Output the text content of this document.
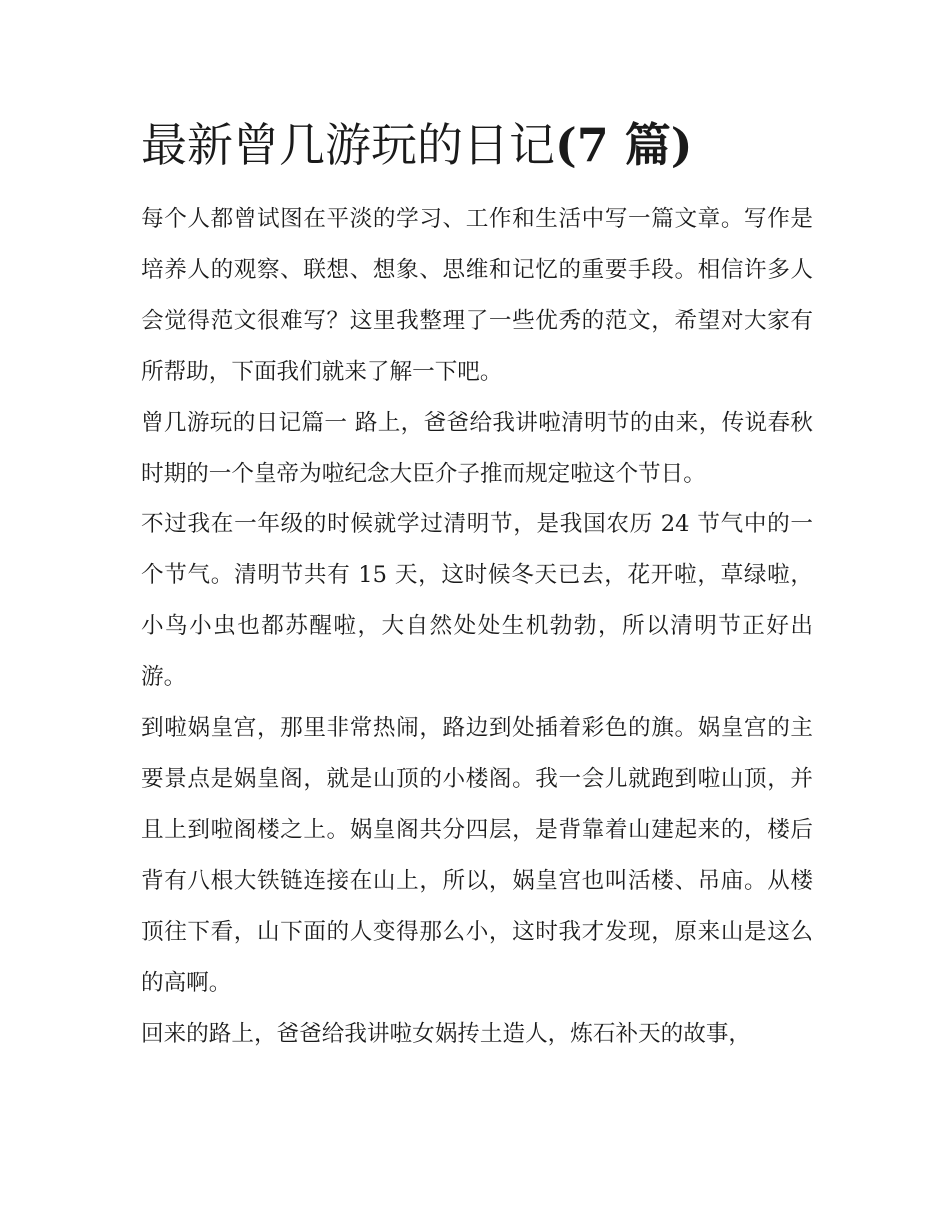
最新曾几游玩的日记(7 篇)

每个人都曾试图在平淡的学习、工作和生活中写一篇文章。写作是培养人的观察、联想、想象、思维和记忆的重要手段。相信许多人会觉得范文很难写？这里我整理了一些优秀的范文，希望对大家有所帮助，下面我们就来了解一下吧。

曾几游玩的日记篇一 路上，爸爸给我讲啦清明节的由来，传说春秋时期的一个皇帝为啦纪念大臣介子推而规定啦这个节日。

不过我在一年级的时候就学过清明节，是我国农历 24 节气中的一个节气。清明节共有 15 天，这时候冬天已去，花开啦，草绿啦，小鸟小虫也都苏醒啦，大自然处处生机勃勃，所以清明节正好出游。

到啦娲皇宫，那里非常热闹，路边到处插着彩色的旗。娲皇宫的主要景点是娲皇阁，就是山顶的小楼阁。我一会儿就跑到啦山顶，并且上到啦阁楼之上。娲皇阁共分四层，是背靠着山建起来的，楼后背有八根大铁链连接在山上，所以，娲皇宫也叫活楼、吊庙。从楼顶往下看，山下面的人变得那么小，这时我才发现，原来山是这么的高啊。

回来的路上，爸爸给我讲啦女娲抟土造人，炼石补天的故事，
